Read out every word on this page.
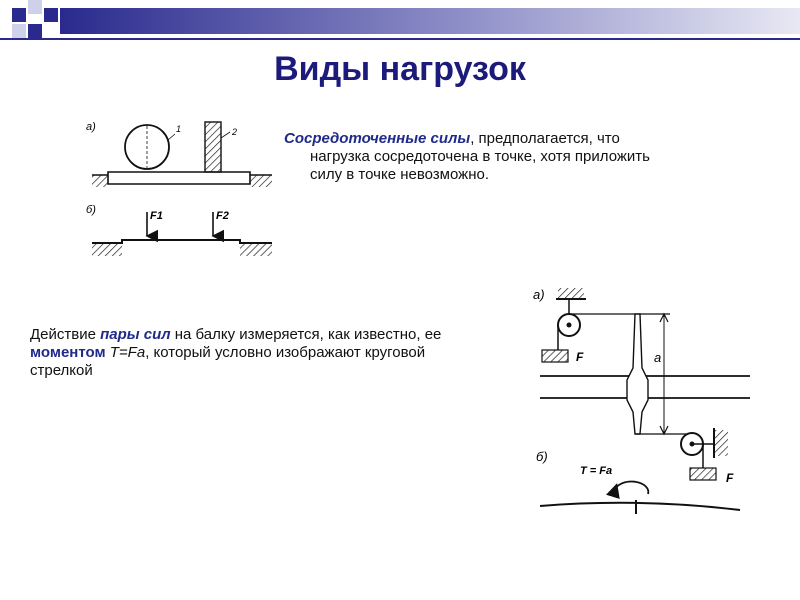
Виды нагрузок

Сосредоточенные силы, предполагается, что
нагрузка сосредоточена в точке, хотя приложить
силу в точке невозможно.

Действие пары сил на балку измеряется, как известно, ее
моментом T=Fa, который условно изображают круговой
стрелкой

а)	1	2
б)	F1	F2
а)
F	a
F
б)
T = Fa
